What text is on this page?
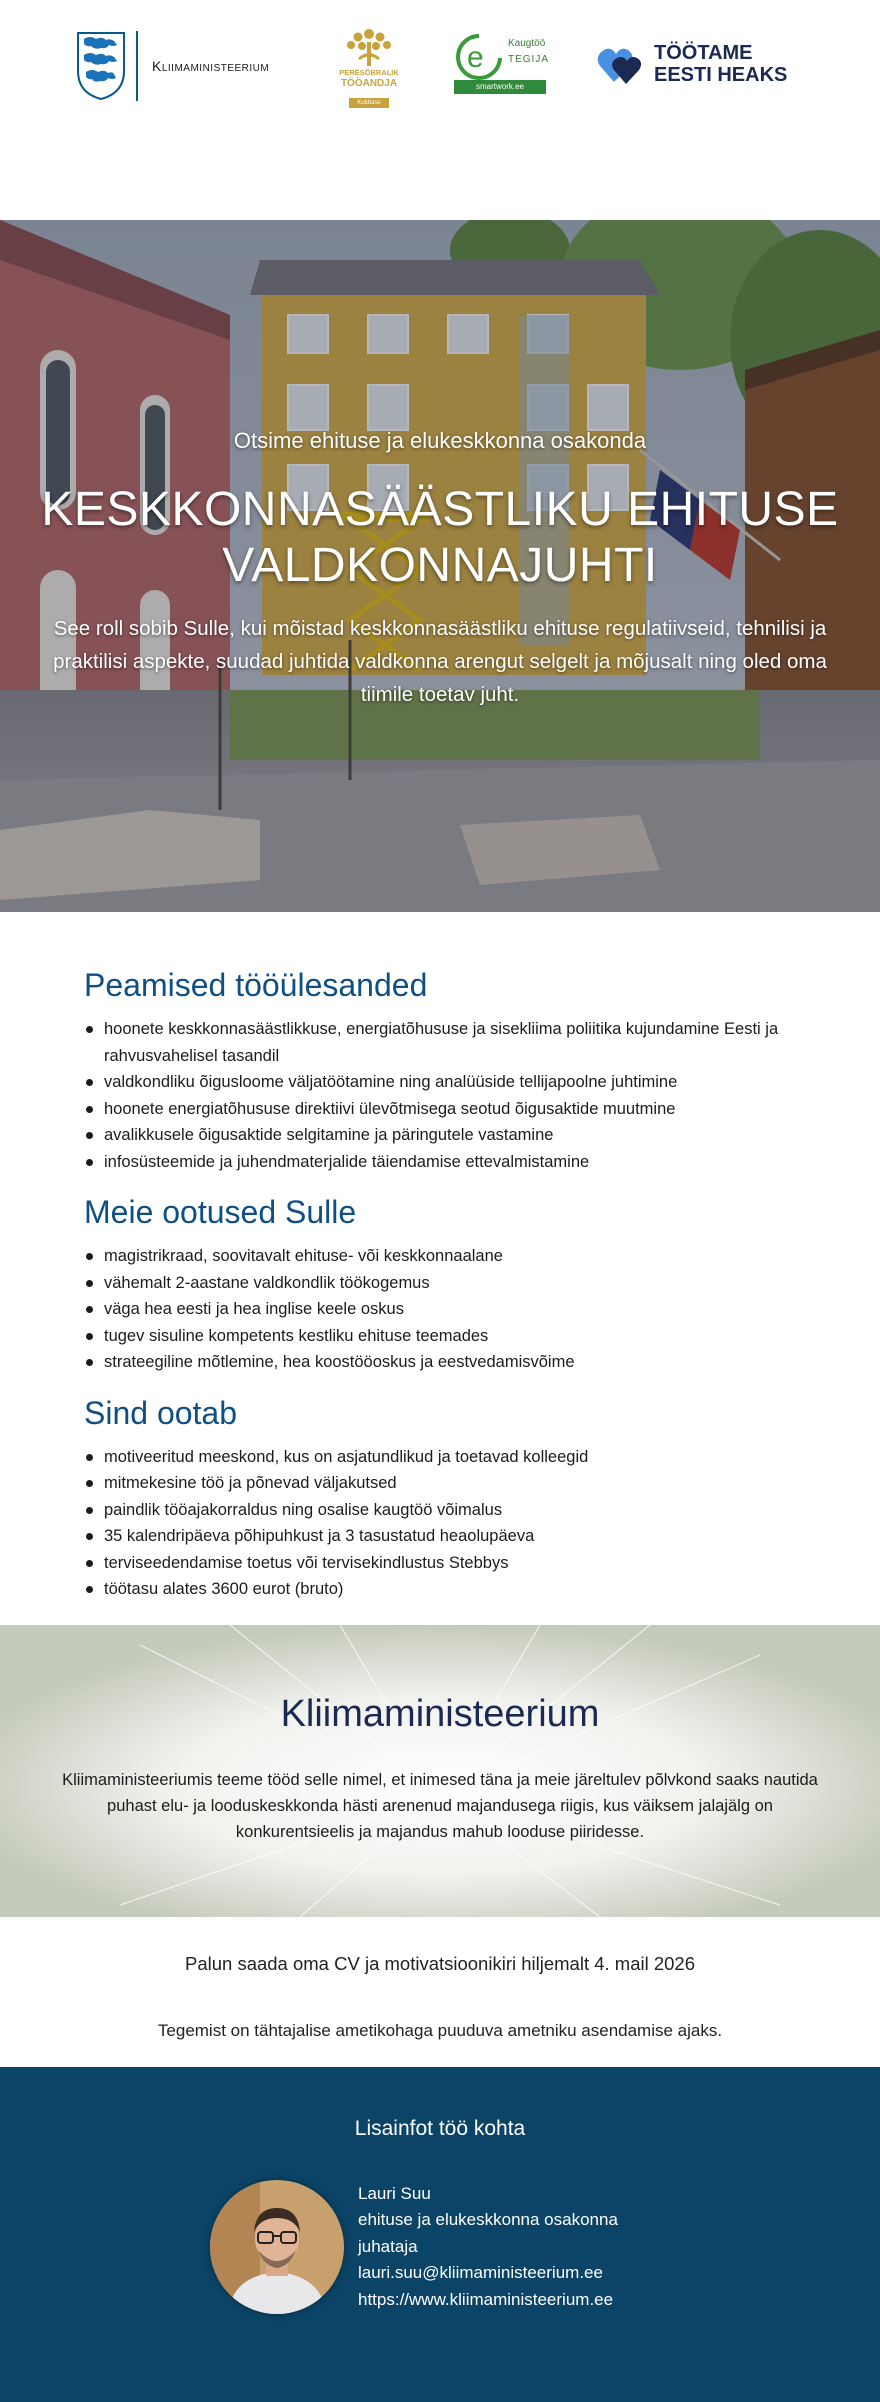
Kliimaministeerium	PERESÕBRALIK
TÖÖANDJA
Kuldtase
e Kaugtöö
TEGIJA
smartwork.ee
TÖÖTAME
EESTI HEAKS
Otsime ehituse ja elukeskkonna osakonda
KESKKONNASÄÄSTLIKU EHITUSE VALDKONNAJUHTI

See roll sobib Sulle, kui mõistad keskkonnasäästliku ehituse regulatiivseid, tehnilisi ja praktilisi aspekte, suudad juhtida valdkonna arengut selgelt ja mõjusalt ning oled oma tiimile toetav juht.

Peamised tööülesanded
hoonete keskkonnasäästlikkuse, energiatõhususe ja sisekliima poliitika kujundamine Eesti ja rahvusvahelisel tasandil
valdkondliku õigusloome väljatöötamine ning analüüside tellijapoolne juhtimine
hoonete energiatõhususe direktiivi ülevõtmisega seotud õigusaktide muutmine
avalikkusele õigusaktide selgitamine ja päringutele vastamine
infosüsteemide ja juhendmaterjalide täiendamise ettevalmistamine
Meie ootused Sulle
magistrikraad, soovitavalt ehituse- või keskkonnaalane
vähemalt 2-aastane valdkondlik töökogemus
väga hea eesti ja hea inglise keele oskus
tugev sisuline kompetents kestliku ehituse teemades
strateegiline mõtlemine, hea koostööoskus ja eestvedamisvõime
Sind ootab
motiveeritud meeskond, kus on asjatundlikud ja toetavad kolleegid
mitmekesine töö ja põnevad väljakutsed
paindlik tööajakorraldus ning osalise kaugtöö võimalus
35 kalendripäeva põhipuhkust ja 3 tasustatud heaolupäeva
terviseedendamise toetus või tervisekindlustus Stebbys
töötasu alates 3600 eurot (bruto)
Kliimaministeerium

Kliimaministeeriumis teeme tööd selle nimel, et inimesed täna ja meie järeltulev põlvkond saaks nautida puhast elu- ja looduskeskkonda hästi arenenud majandusega riigis, kus väiksem jalajälg on konkurentsieelis ja majandus mahub looduse piiridesse.

Palun saada oma CV ja motivatsioonikiri hiljemalt 4. mail 2026
Tegemist on tähtajalise ametikohaga puuduva ametniku asendamise ajaks.
Lisainfot töö kohta
Lauri Suu
ehituse ja elukeskkonna osakonna
juhataja
lauri.suu@kliimaministeerium.ee
https://www.kliimaministeerium.ee
